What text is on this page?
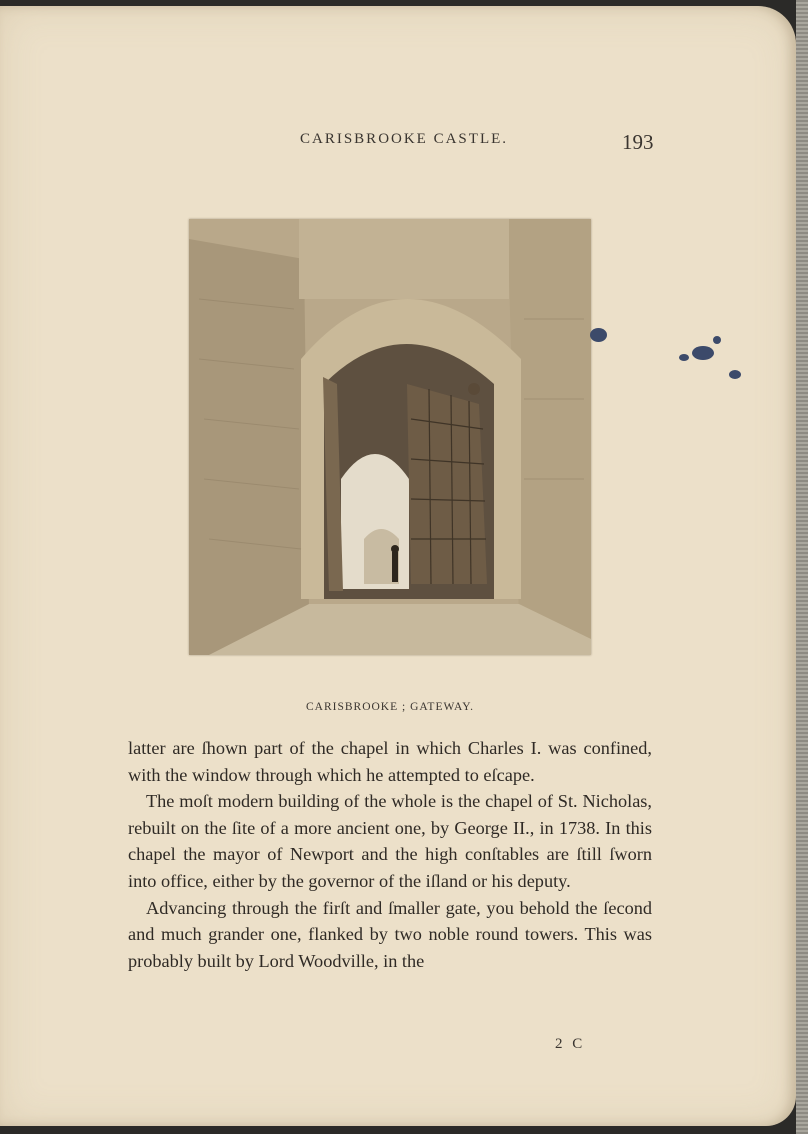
CARISBROOKE CASTLE.	193
CARISBROOKE ; GATEWAY.

latter are ſhown part of the chapel in which Charles I. was confined, with the window through which he attempted to eſcape.

The moſt modern building of the whole is the chapel of St. Nicholas, rebuilt on the ſite of a more ancient one, by George II., in 1738. In this chapel the mayor of Newport and the high conſtables are ſtill ſworn into office, either by the governor of the iſland or his deputy.

Advancing through the firſt and ſmaller gate, you behold the ſecond and much grander one, flanked by two noble round towers. This was probably built by Lord Woodville, in the

2 C
